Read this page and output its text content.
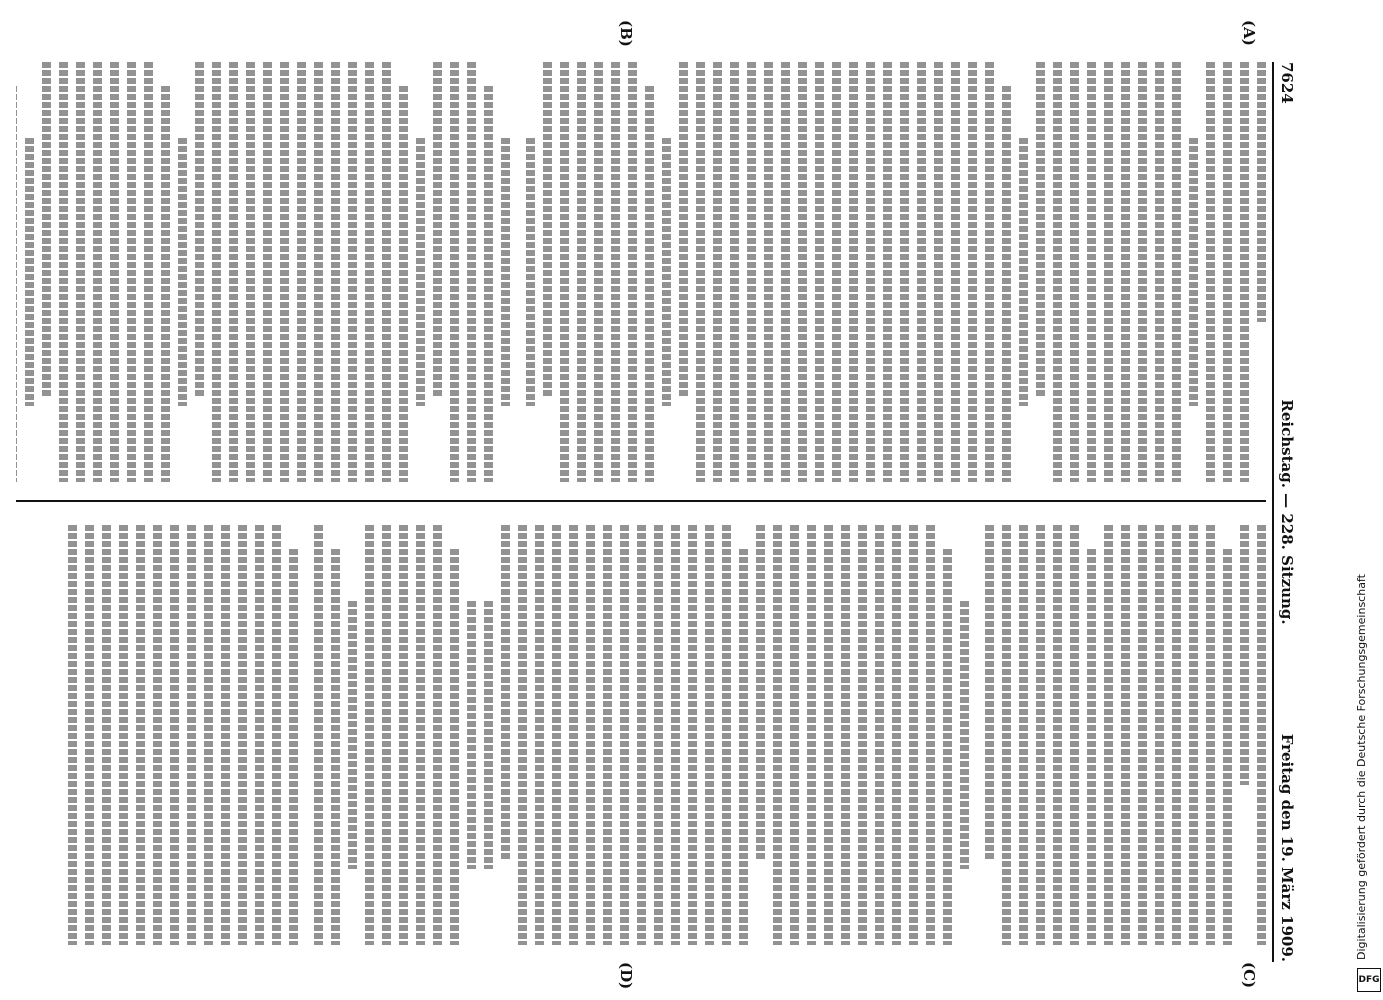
7624
Reichstag. — 228. Sitzung.
Freitag den 19. März 1909.
(A)
(B)
(C)
(D)
Digitalisierung gefördert durch die Deutsche Forschungsgemeinschaft
DFG
